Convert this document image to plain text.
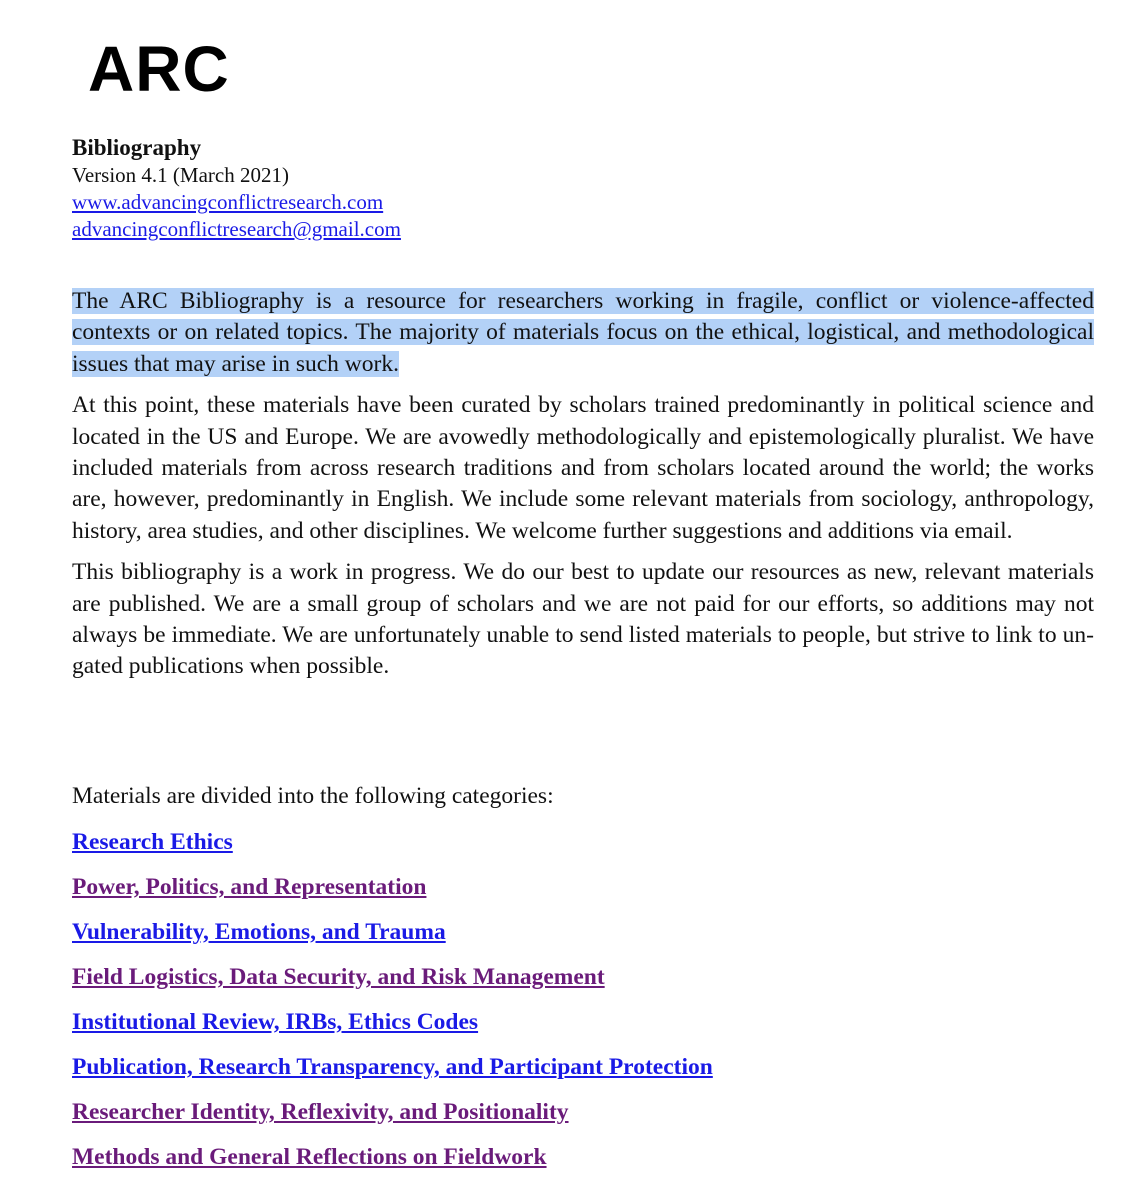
ARC
Bibliography
Version 4.1 (March 2021)
www.advancingconflictresearch.com
advancingconflictresearch@gmail.com

The ARC Bibliography is a resource for researchers working in fragile, conflict or violence-affected contexts or on related topics. The majority of materials focus on the ethical, logistical, and methodological issues that may arise in such work.

At this point, these materials have been curated by scholars trained predominantly in political science and located in the US and Europe. We are avowedly methodologically and epistemologically pluralist. We have included materials from across research traditions and from scholars located around the world; the works are, however, predominantly in English. We include some relevant materials from sociology, anthropology, history, area studies, and other disciplines. We welcome further suggestions and additions via email.

This bibliography is a work in progress. We do our best to update our resources as new, relevant materials are published. We are a small group of scholars and we are not paid for our efforts, so additions may not always be immediate. We are unfortunately unable to send listed materials to people, but strive to link to un-gated publications when possible.

Materials are divided into the following categories:
Research Ethics
Power, Politics, and Representation
Vulnerability, Emotions, and Trauma
Field Logistics, Data Security, and Risk Management
Institutional Review, IRBs, Ethics Codes
Publication, Research Transparency, and Participant Protection
Researcher Identity, Reflexivity, and Positionality
Methods and General Reflections on Fieldwork
